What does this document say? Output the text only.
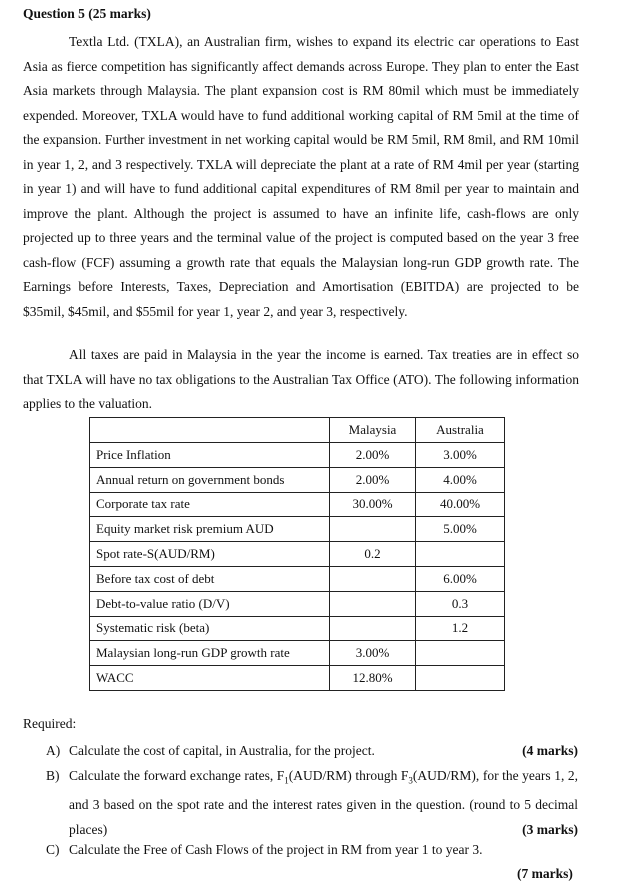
Question 5 (25 marks)

Textla Ltd. (TXLA), an Australian firm, wishes to expand its electric car operations to East Asia as fierce competition has significantly affect demands across Europe. They plan to enter the East Asia markets through Malaysia. The plant expansion cost is RM 80mil which must be immediately expended. Moreover, TXLA would have to fund additional working capital of RM 5mil at the time of the expansion. Further investment in net working capital would be RM 5mil, RM 8mil, and RM 10mil in year 1, 2, and 3 respectively. TXLA will depreciate the plant at a rate of RM 4mil per year (starting in year 1) and will have to fund additional capital expenditures of RM 8mil per year to maintain and improve the plant. Although the project is assumed to have an infinite life, cash-flows are only projected up to three years and the terminal value of the project is computed based on the year 3 free cash-flow (FCF) assuming a growth rate that equals the Malaysian long-run GDP growth rate. The Earnings before Interests, Taxes, Depreciation and Amortisation (EBITDA) are projected to be $35mil, $45mil, and $55mil for year 1, year 2, and year 3, respectively.

All taxes are paid in Malaysia in the year the income is earned. Tax treaties are in effect so that TXLA will have no tax obligations to the Australian Tax Office (ATO). The following information applies to the valuation.

	Malaysia	Australia
Price Inflation	2.00%	3.00%
Annual return on government bonds	2.00%	4.00%
Corporate tax rate	30.00%	40.00%
Equity market risk premium AUD		5.00%
Spot rate-S(AUD/RM)	0.2	
Before tax cost of debt		6.00%
Debt-to-value ratio (D/V)		0.3
Systematic risk (beta)		1.2
Malaysian long-run GDP growth rate	3.00%	
WACC	12.80%	
Required:
A)	(4 marks)
Calculate the cost of capital, in Australia, for the project.
B) Calculate the forward exchange rates, $F_1(AUD/RM)$ through $F_3(AUD/RM)$, for the years 1, 2, and 3 based on the spot rate and the interest rates given in the question. (round to 5 decimal places)	(3 marks)
C) Calculate the Free of Cash Flows of the project in RM from year 1 to year 3.
(7 marks)
